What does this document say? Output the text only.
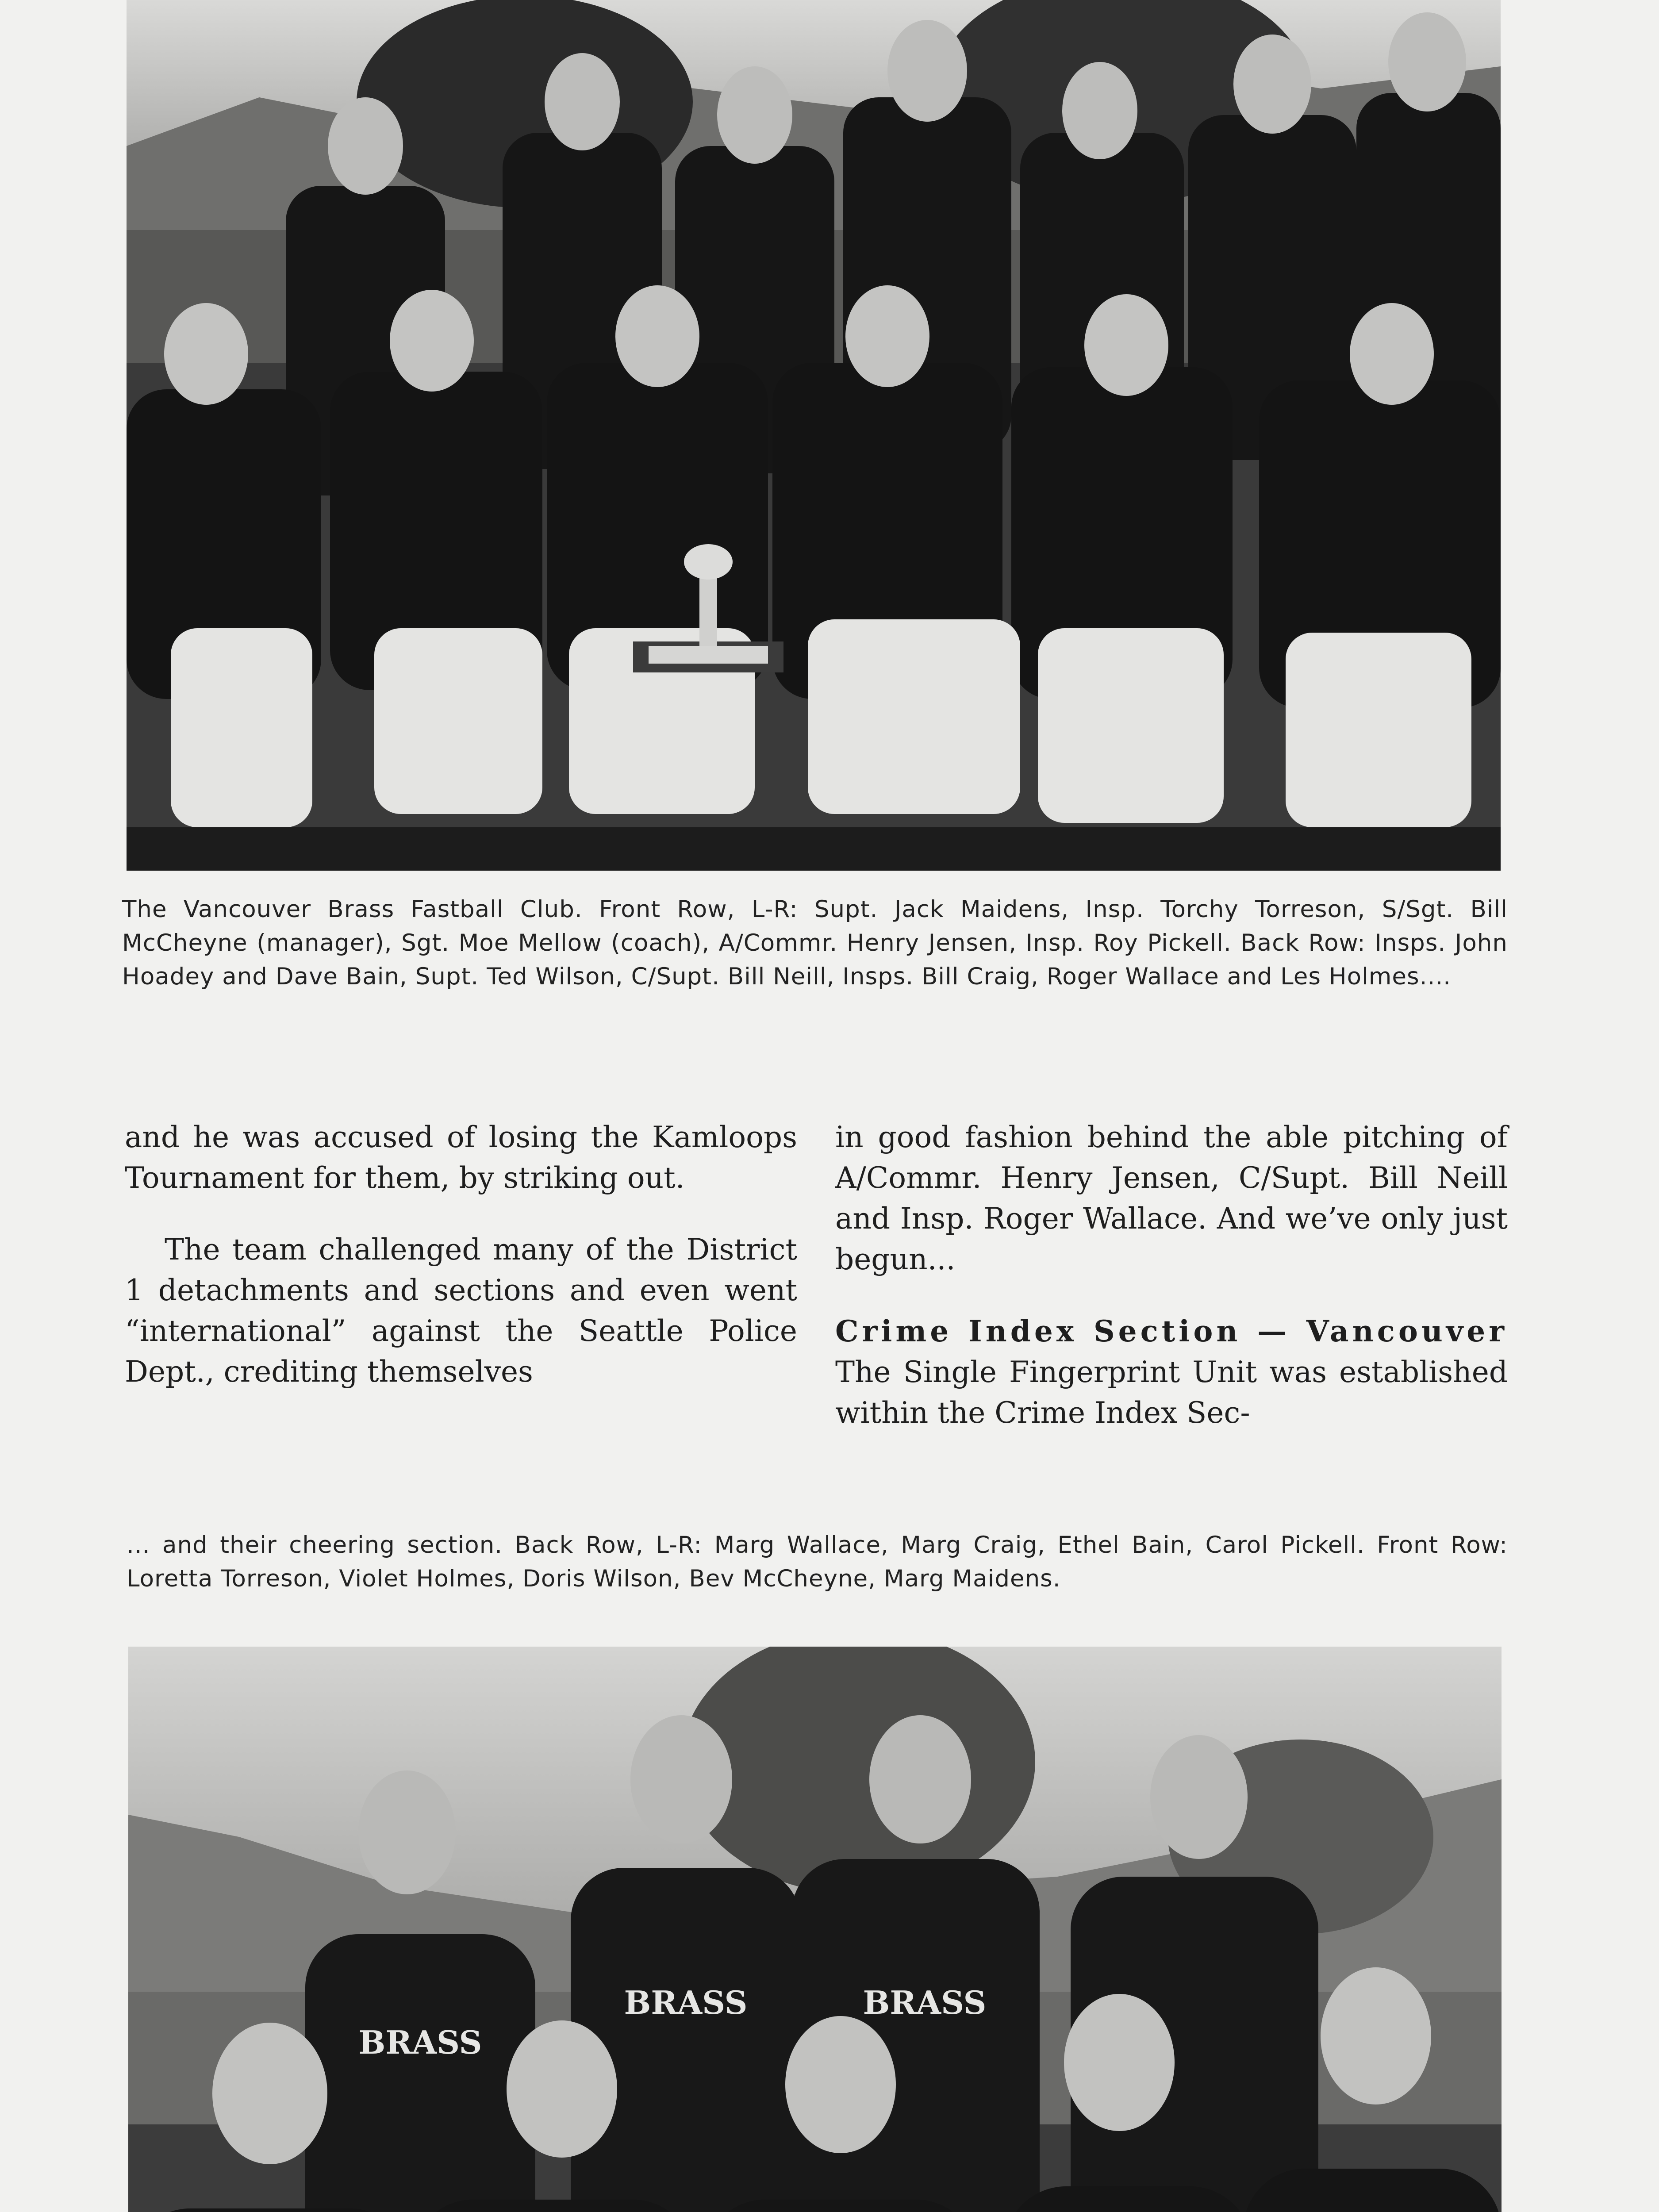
The Vancouver Brass Fastball Club. Front Row, L-R: Supt. Jack Maidens, Insp. Torchy Torreson, S/Sgt. Bill McCheyne (manager), Sgt. Moe Mellow (coach), A/Commr. Henry Jensen, Insp. Roy Pickell. Back Row: Insps. John Hoadey and Dave Bain, Supt. Ted Wilson, C/Supt. Bill Neill, Insps. Bill Craig, Roger Wallace and Les Holmes....

and he was accused of losing the Kamloops Tournament for them, by striking out.

The team challenged many of the District 1 detachments and sections and even went “international” against the Seattle Police Dept., crediting themselves

in good fashion behind the able pitching of A/Commr. Henry Jensen, C/Supt. Bill Neill and Insp. Roger Wallace. And we’ve only just begun...

Crime Index Section — Vancouver The Single Fingerprint Unit was established within the Crime Index Sec-

... and their cheering section. Back Row, L-R: Marg Wallace, Marg Craig, Ethel Bain, Carol Pickell. Front Row: Loretta Torreson, Violet Holmes, Doris Wilson, Bev McCheyne, Marg Maidens.

BRASS
BRASS	BRASS
